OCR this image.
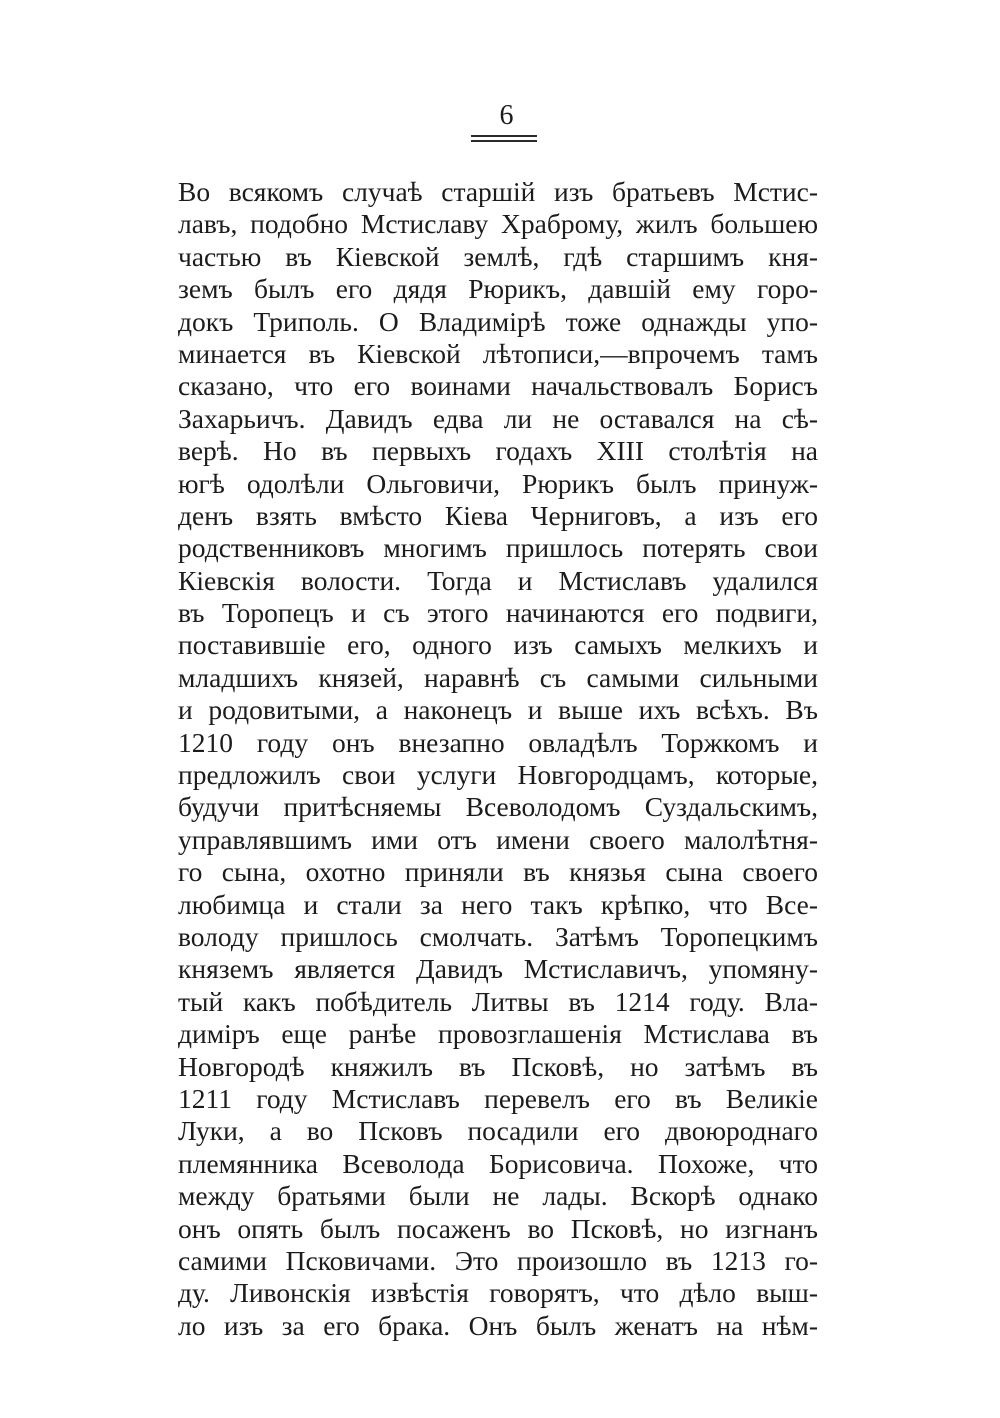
6
Во всякомъ случаѣ старшій изъ братьевъ Мстис-
лавъ, подобно Мстиславу Храброму, жилъ большею
частью въ Кіевской землѣ, гдѣ старшимъ кня-
земъ былъ его дядя Рюрикъ, давшій ему горо-
докъ Триполь. О Владимірѣ тоже однажды упо-
минается въ Кіевской лѣтописи,—впрочемъ тамъ
сказано, что его воинами начальствовалъ Борисъ
Захарьичъ. Давидъ едва ли не оставался на сѣ-
верѣ. Но въ первыхъ годахъ XIII столѣтія на
югѣ одолѣли Ольговичи, Рюрикъ былъ принуж-
денъ взять вмѣсто Кіева Черниговъ, а изъ его
родственниковъ многимъ пришлось потерять свои
Кіевскія волости. Тогда и Мстиславъ удалился
въ Торопецъ и съ этого начинаются его подвиги,
поставившіе его, одного изъ самыхъ мелкихъ и
младшихъ князей, наравнѣ съ самыми сильными
и родовитыми, а наконецъ и выше ихъ всѣхъ. Въ
1210 году онъ внезапно овладѣлъ Торжкомъ и
предложилъ свои услуги Новгородцамъ, которые,
будучи притѣсняемы Всеволодомъ Суздальскимъ,
управлявшимъ ими отъ имени своего малолѣтня-
го сына, охотно приняли въ князья сына своего
любимца и стали за него такъ крѣпко, что Все-
володу пришлось смолчать. Затѣмъ Торопецкимъ
княземъ является Давидъ Мстиславичъ, упомяну-
тый какъ побѣдитель Литвы въ 1214 году. Вла-
диміръ еще ранѣе провозглашенія Мстислава въ
Новгородѣ княжилъ въ Псковѣ, но затѣмъ въ
1211 году Мстиславъ перевелъ его въ Великіе
Луки, а во Псковъ посадили его двоюроднаго
племянника Всеволода Борисовича. Похоже, что
между братьями были не лады. Вскорѣ однако
онъ опять былъ посаженъ во Псковѣ, но изгнанъ
самими Псковичами. Это произошло въ 1213 го-
ду. Ливонскія извѣстія говорятъ, что дѣло выш-
ло изъ за его брака. Онъ былъ женатъ на нѣм-
